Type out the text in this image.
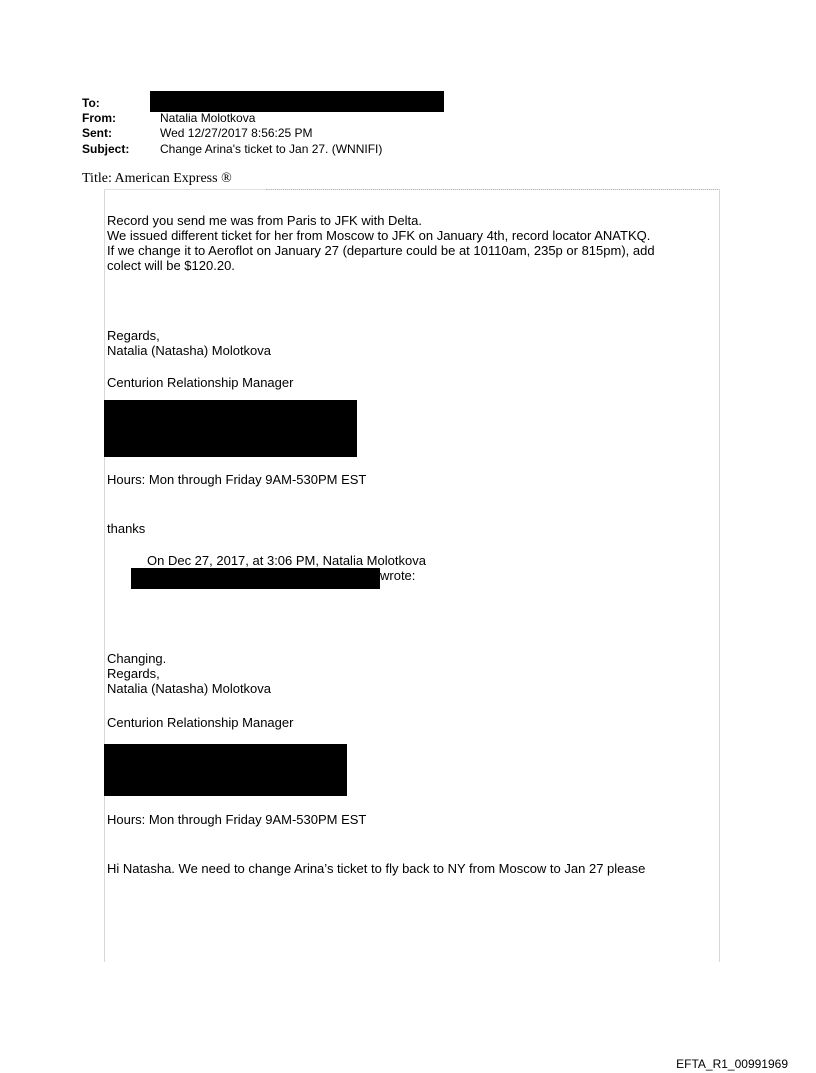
To:
From:	Natalia Molotkova
Sent:	Wed 12/27/2017 8:56:25 PM
Subject:	Change Arina's ticket to Jan 27. (WNNIFI)
Title: American Express ®
Record you send me was from Paris to JFK with Delta.
We issued different ticket for her from Moscow to JFK on January 4th, record locator ANATKQ.
If we change it to Aeroflot on January 27 (departure could be at 10110am, 235p or 815pm), add
colect will be $120.20.
Regards,
Natalia (Natasha) Molotkova
Centurion Relationship Manager
Hours: Mon through Friday 9AM-530PM EST
thanks
On Dec 27, 2017, at 3:06 PM, Natalia Molotkova
wrote:
Changing.
Regards,
Natalia (Natasha) Molotkova
Centurion Relationship Manager
Hours: Mon through Friday 9AM-530PM EST
Hi Natasha. We need to change Arina’s ticket to fly back to NY from Moscow to Jan 27 please
EFTA_R1_00991969
